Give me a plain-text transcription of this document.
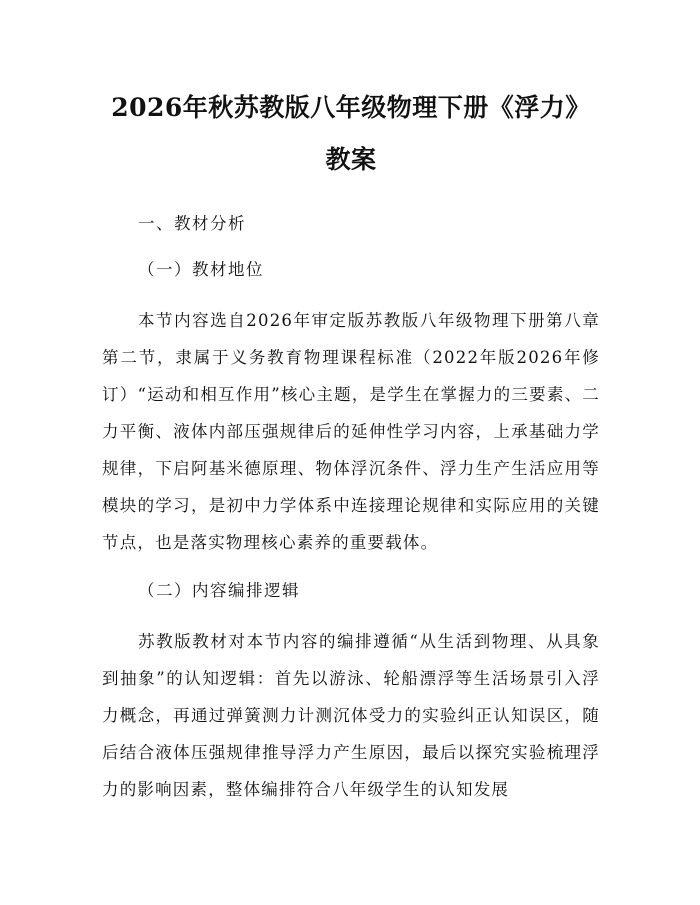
2026年秋苏教版八年级物理下册《浮力》教案

一、教材分析

（一）教材地位

本节内容选自2026年审定版苏教版八年级物理下册第八章第二节，隶属于义务教育物理课程标准（2022年版2026年修订）“运动和相互作用”核心主题，是学生在掌握力的三要素、二力平衡、液体内部压强规律后的延伸性学习内容，上承基础力学规律，下启阿基米德原理、物体浮沉条件、浮力生产生活应用等模块的学习，是初中力学体系中连接理论规律和实际应用的关键节点，也是落实物理核心素养的重要载体。

（二）内容编排逻辑

苏教版教材对本节内容的编排遵循“从生活到物理、从具象到抽象”的认知逻辑：首先以游泳、轮船漂浮等生活场景引入浮力概念，再通过弹簧测力计测沉体受力的实验纠正认知误区，随后结合液体压强规律推导浮力产生原因，最后以探究实验梳理浮力的影响因素，整体编排符合八年级学生的认知发展
